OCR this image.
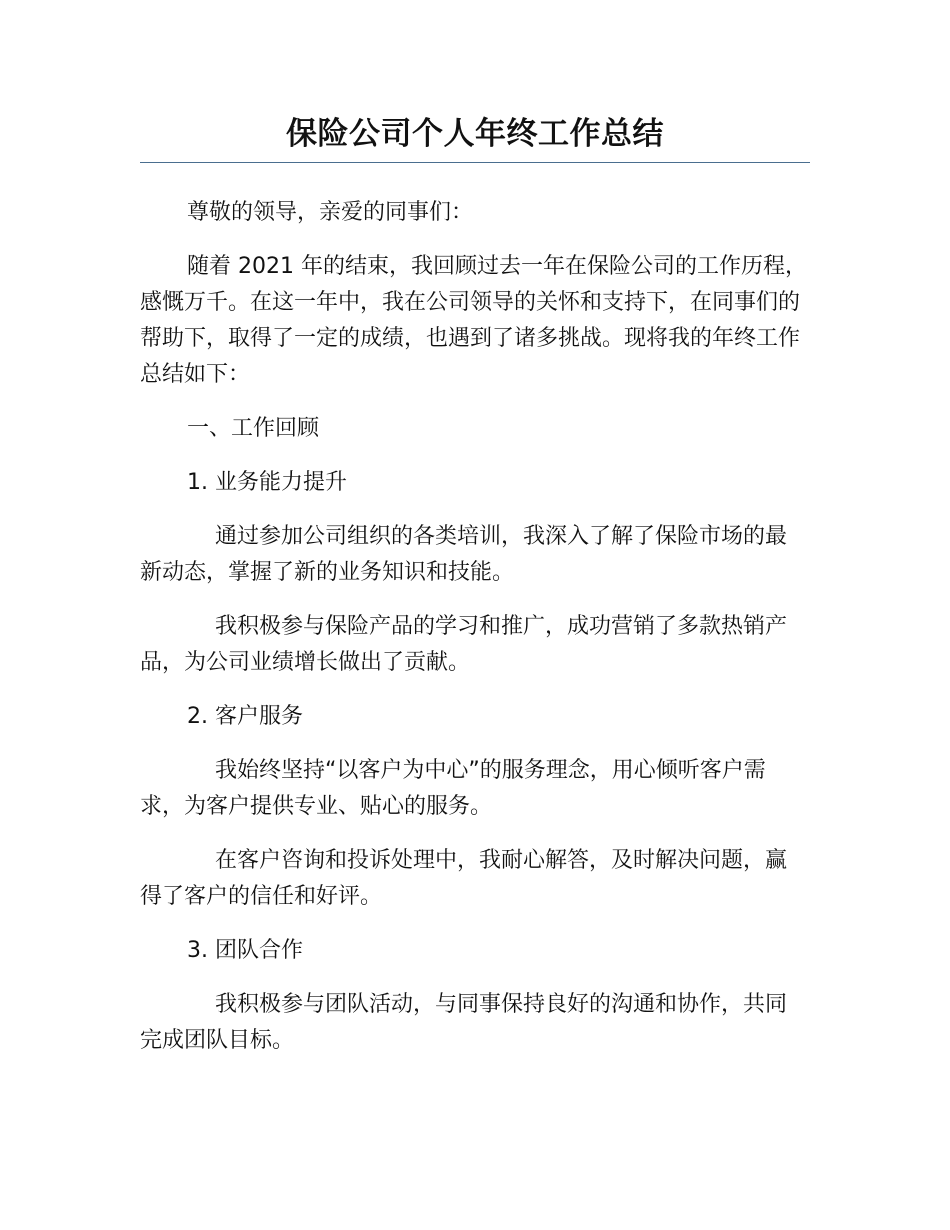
保险公司个人年终工作总结

尊敬的领导，亲爱的同事们：

随着 2021 年的结束，我回顾过去一年在保险公司的工作历程，感慨万千。在这一年中，我在公司领导的关怀和支持下，在同事们的帮助下，取得了一定的成绩，也遇到了诸多挑战。现将我的年终工作总结如下：

一、工作回顾

1. 业务能力提升

通过参加公司组织的各类培训，我深入了解了保险市场的最新动态，掌握了新的业务知识和技能。

我积极参与保险产品的学习和推广，成功营销了多款热销产品，为公司业绩增长做出了贡献。

2. 客户服务

我始终坚持“以客户为中心”的服务理念，用心倾听客户需求，为客户提供专业、贴心的服务。

在客户咨询和投诉处理中，我耐心解答，及时解决问题，赢得了客户的信任和好评。

3. 团队合作

我积极参与团队活动，与同事保持良好的沟通和协作，共同完成团队目标。
